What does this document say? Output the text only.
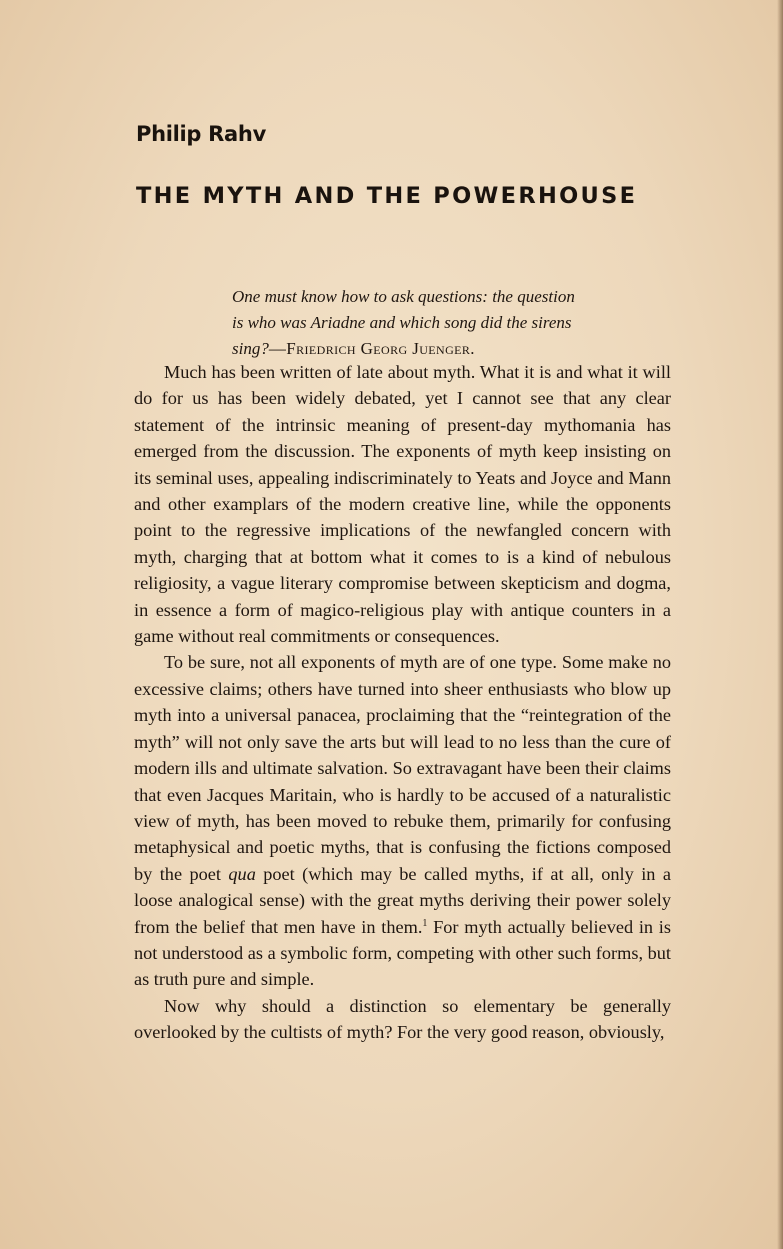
Philip Rahv
THE MYTH AND THE POWERHOUSE
One must know how to ask questions: the question
is who was Ariadne and which song did the sirens
sing?—Friedrich Georg Juenger.

Much has been written of late about myth. What it is and what it will do for us has been widely debated, yet I cannot see that any clear statement of the intrinsic meaning of present-day mythomania has emerged from the discussion. The exponents of myth keep insisting on its seminal uses, appealing indiscriminately to Yeats and Joyce and Mann and other examplars of the modern creative line, while the opponents point to the regressive implications of the newfangled concern with myth, charging that at bottom what it comes to is a kind of nebulous religiosity, a vague literary compromise between skepticism and dogma, in essence a form of magico-religious play with antique counters in a game without real commitments or consequences.

To be sure, not all exponents of myth are of one type. Some make no excessive claims; others have turned into sheer enthusiasts who blow up myth into a universal panacea, proclaiming that the “reintegration of the myth” will not only save the arts but will lead to no less than the cure of modern ills and ultimate salvation. So extravagant have been their claims that even Jacques Maritain, who is hardly to be accused of a naturalistic view of myth, has been moved to rebuke them, primarily for confusing metaphysical and poetic myths, that is confusing the fictions composed by the poet qua poet (which may be called myths, if at all, only in a loose analogical sense) with the great myths deriving their power solely from the belief that men have in them.$^1$ For myth actually believed in is not understood as a symbolic form, competing with other such forms, but as truth pure and simple.

Now why should a distinction so elementary be generally overlooked by the cultists of myth? For the very good reason, obviously,
